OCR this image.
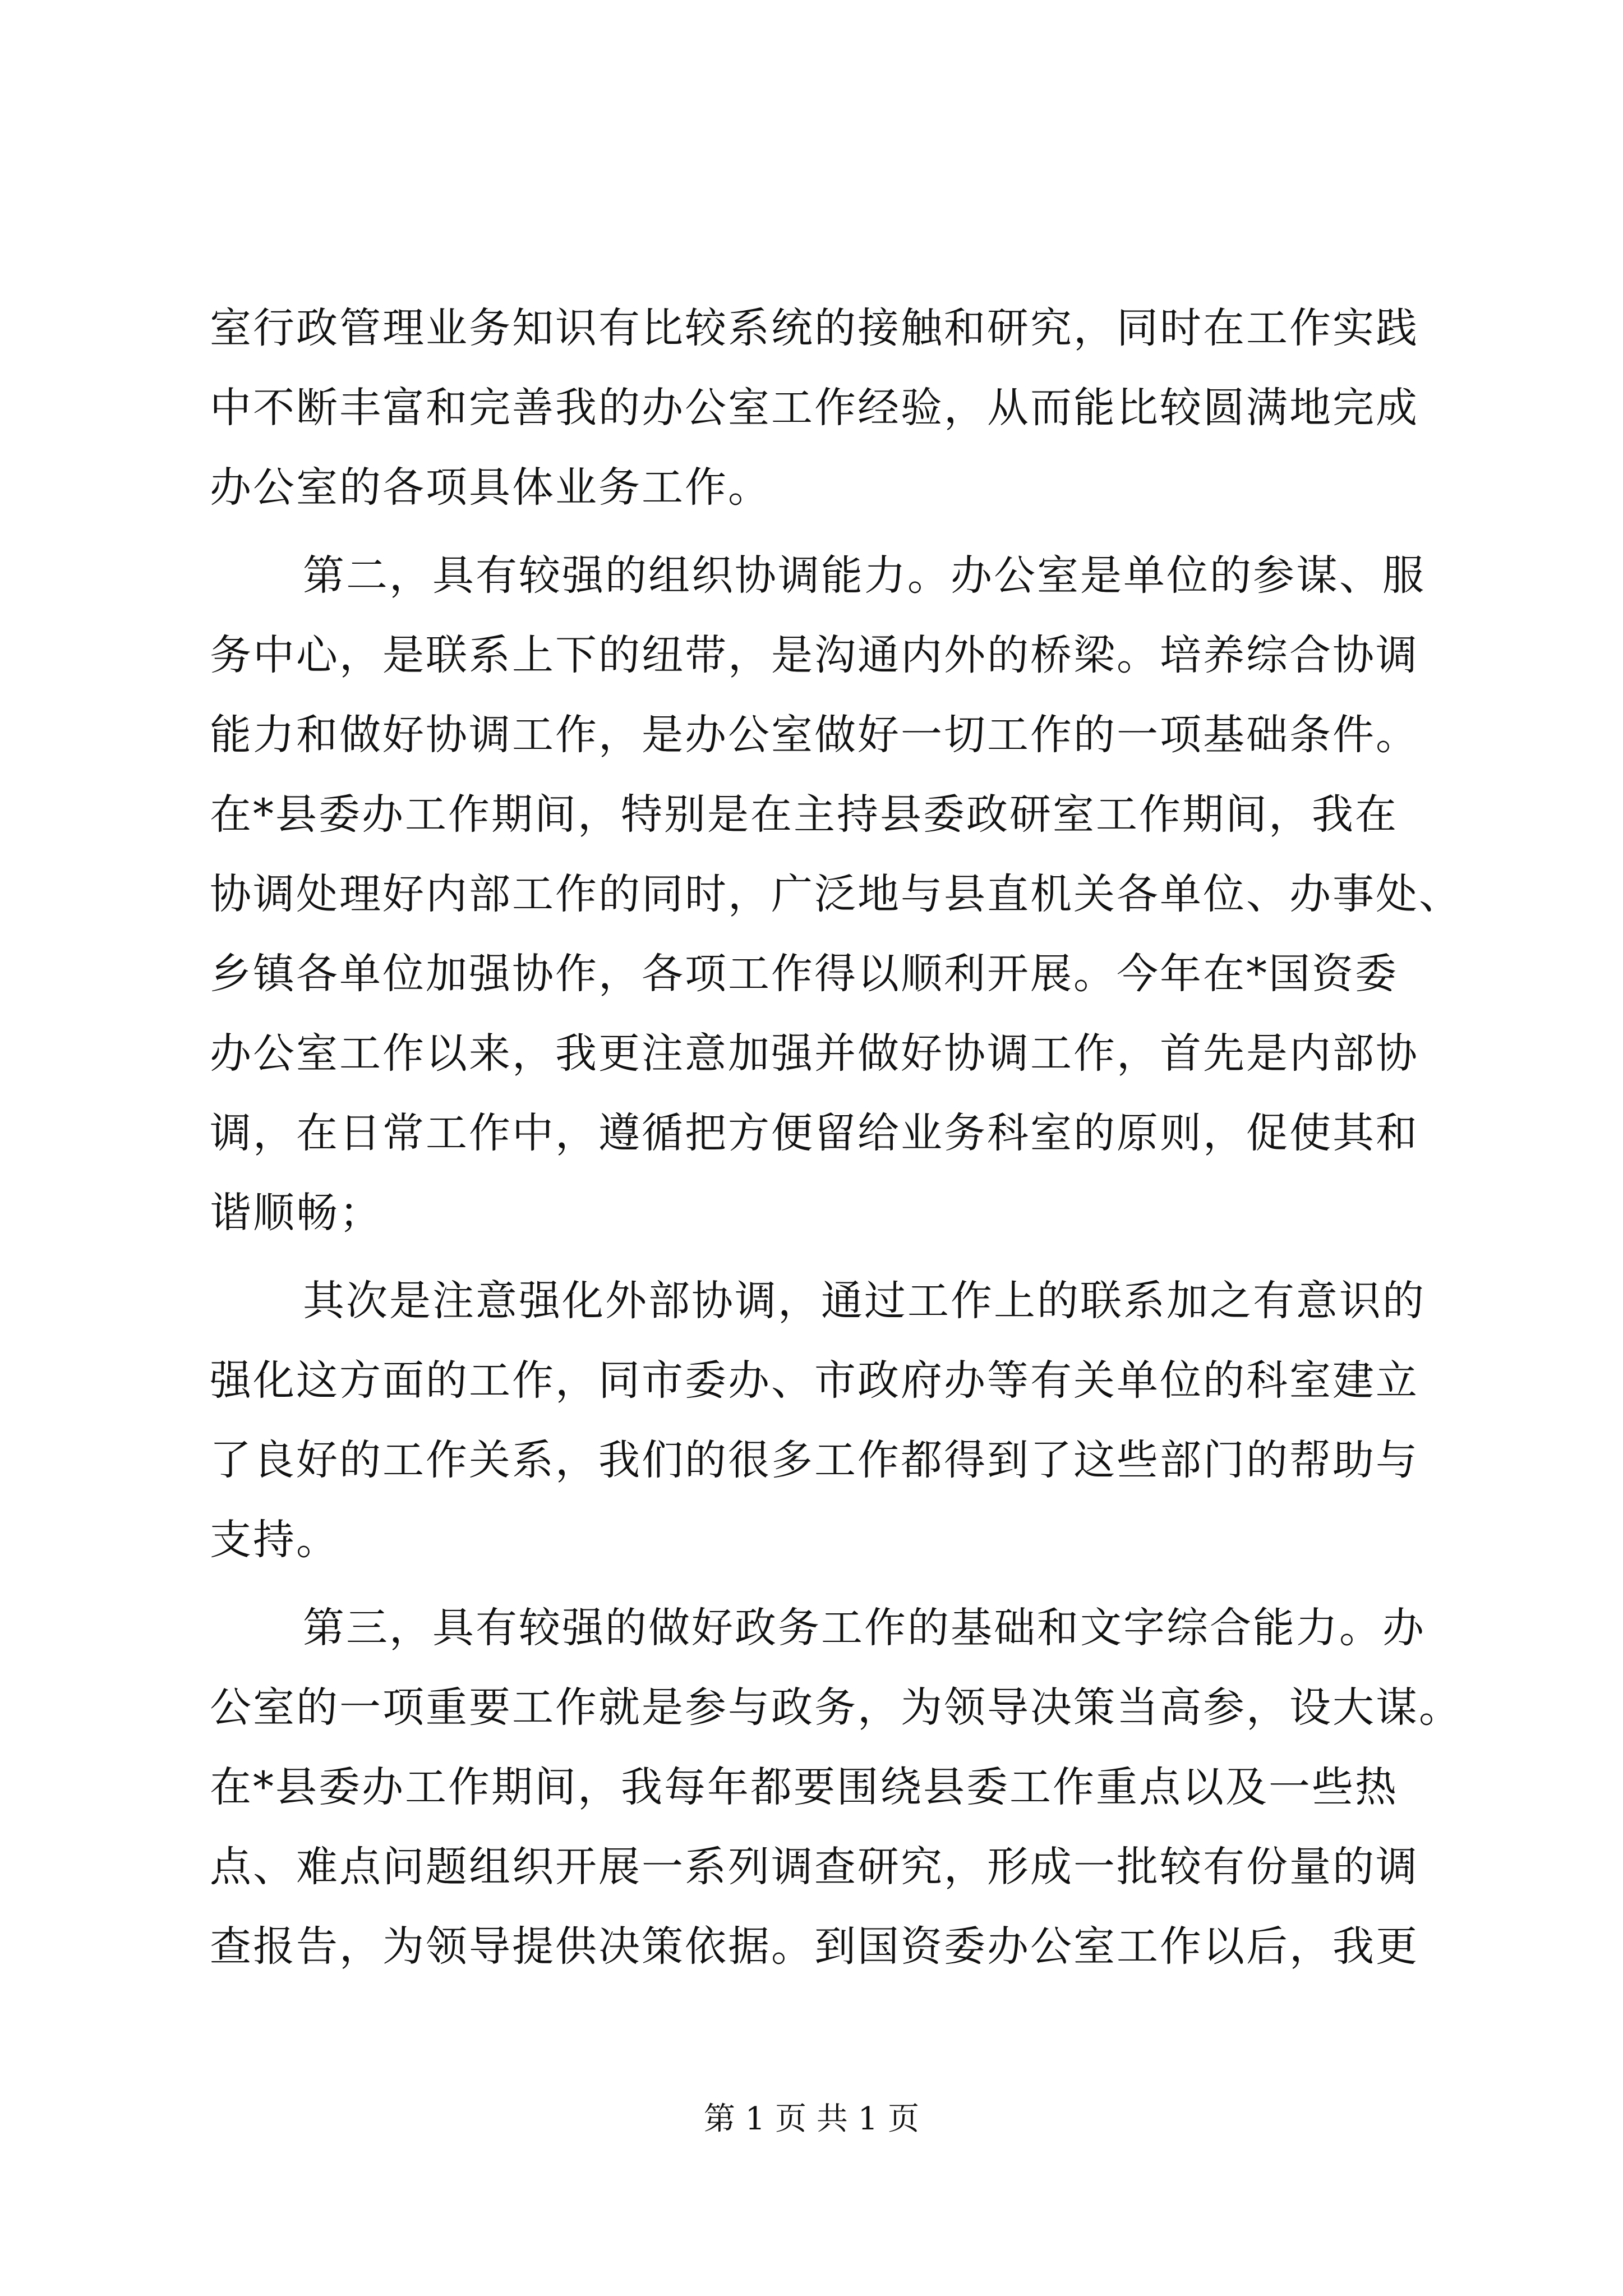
室行政管理业务知识有比较系统的接触和研究，同时在工作实践
中不断丰富和完善我的办公室工作经验，从而能比较圆满地完成
办公室的各项具体业务工作。
第二，具有较强的组织协调能力。办公室是单位的参谋、服
务中心，是联系上下的纽带，是沟通内外的桥梁。培养综合协调
能力和做好协调工作，是办公室做好一切工作的一项基础条件。
在*县委办工作期间，特别是在主持县委政研室工作期间，我在
协调处理好内部工作的同时，广泛地与县直机关各单位、办事处、
乡镇各单位加强协作，各项工作得以顺利开展。今年在*国资委
办公室工作以来，我更注意加强并做好协调工作，首先是内部协
调，在日常工作中，遵循把方便留给业务科室的原则，促使其和
谐顺畅；
其次是注意强化外部协调，通过工作上的联系加之有意识的
强化这方面的工作，同市委办、市政府办等有关单位的科室建立
了良好的工作关系，我们的很多工作都得到了这些部门的帮助与
支持。
第三，具有较强的做好政务工作的基础和文字综合能力。办
公室的一项重要工作就是参与政务，为领导决策当高参，设大谋。
在*县委办工作期间，我每年都要围绕县委工作重点以及一些热
点、难点问题组织开展一系列调查研究，形成一批较有份量的调
查报告，为领导提供决策依据。到国资委办公室工作以后，我更
第 1 页 共 1 页
